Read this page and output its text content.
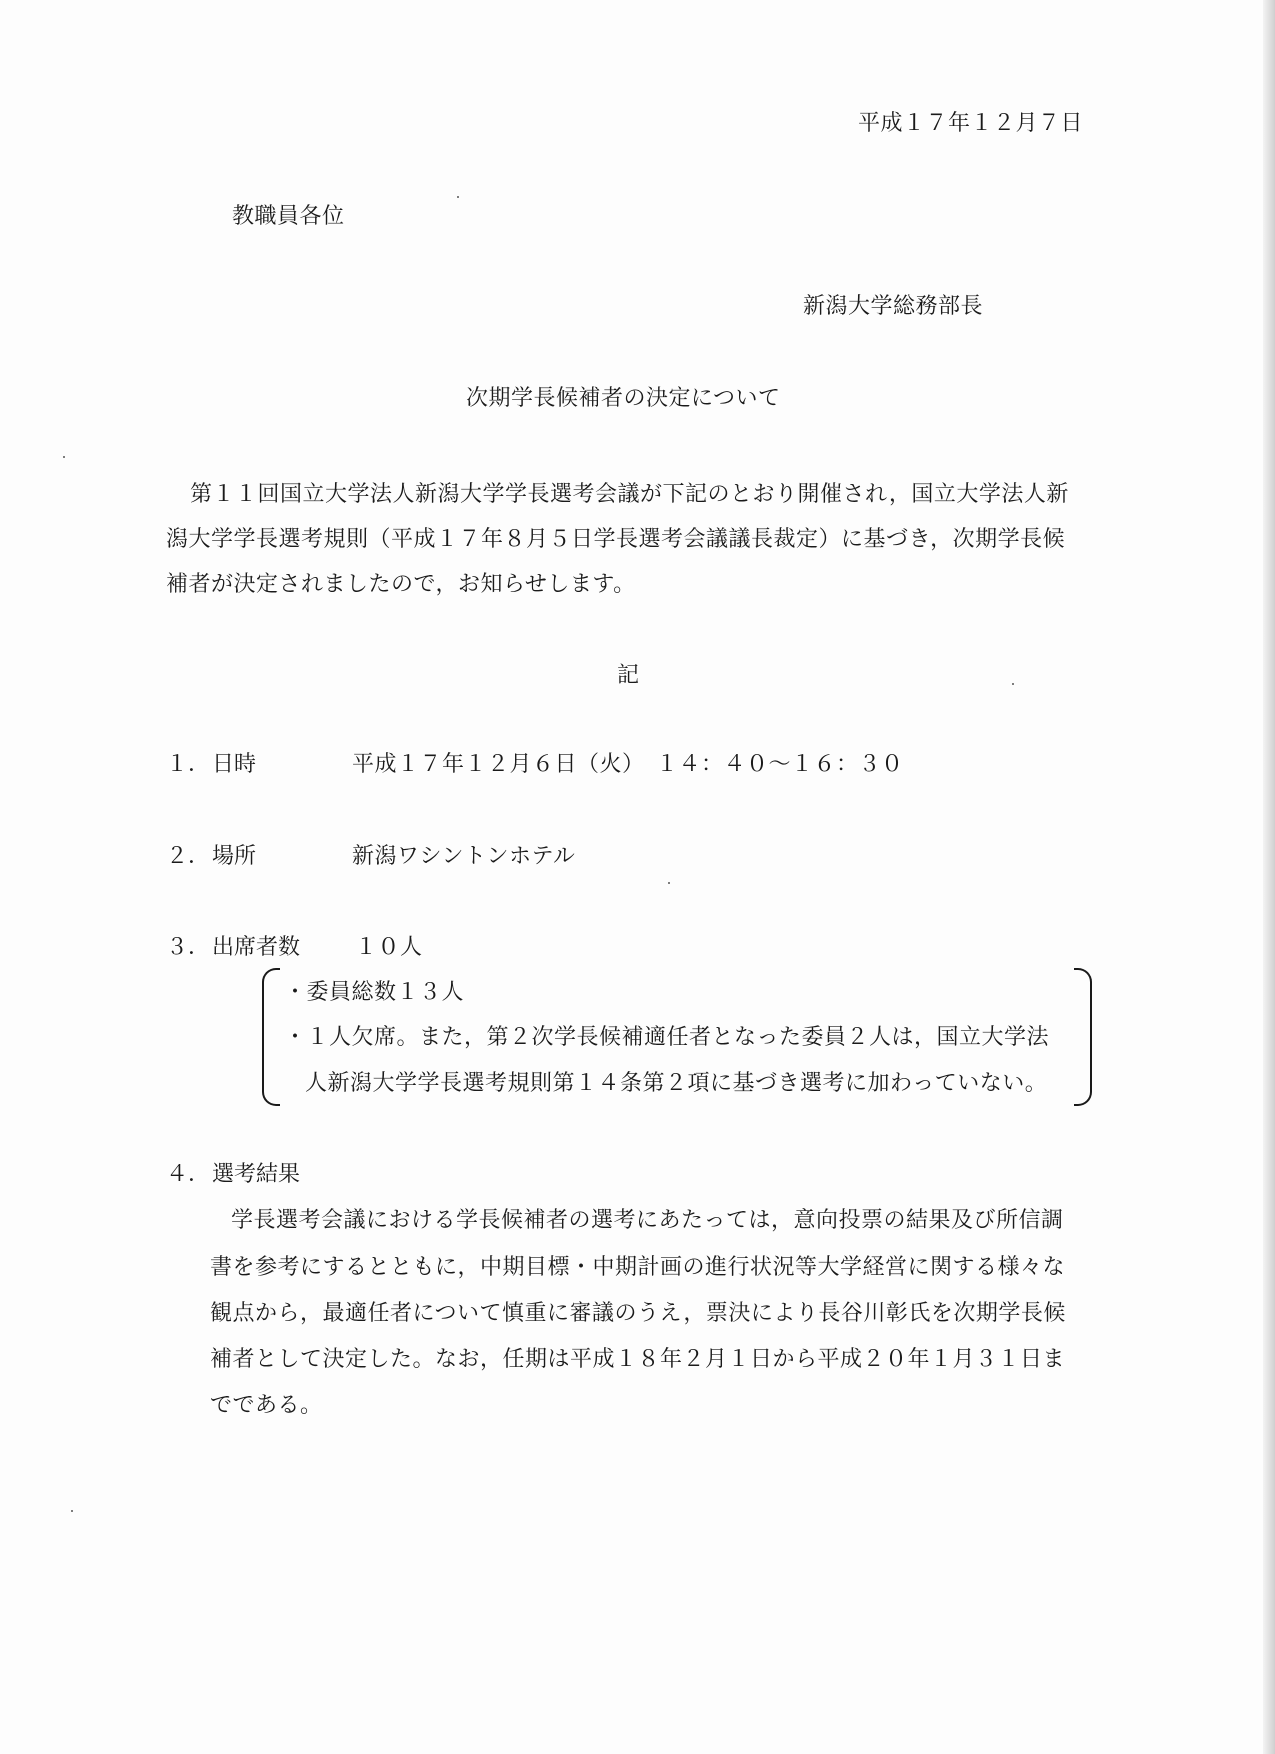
平成１７年１２月７日
教職員各位
新潟大学総務部長
次期学長候補者の決定について
第１１回国立大学法人新潟大学学長選考会議が下記のとおり開催され，国立大学法人新
潟大学学長選考規則（平成１７年８月５日学長選考会議議長裁定）に基づき，次期学長候
補者が決定されましたので，お知らせします。
記
１． 日時	平成１７年１２月６日（火）　１４：４０〜１６：３０
２． 場所	新潟ワシントンホテル
３． 出席者数 １０人
・委員総数１３人
・１人欠席。また，第２次学長候補適任者となった委員２人は，国立大学法
人新潟大学学長選考規則第１４条第２項に基づき選考に加わっていない。
４． 選考結果
学長選考会議における学長候補者の選考にあたっては，意向投票の結果及び所信調
書を参考にするとともに，中期目標・中期計画の進行状況等大学経営に関する様々な
観点から，最適任者について慎重に審議のうえ，票決により長谷川彰氏を次期学長候
補者として決定した。なお，任期は平成１８年２月１日から平成２０年１月３１日ま
でである。
